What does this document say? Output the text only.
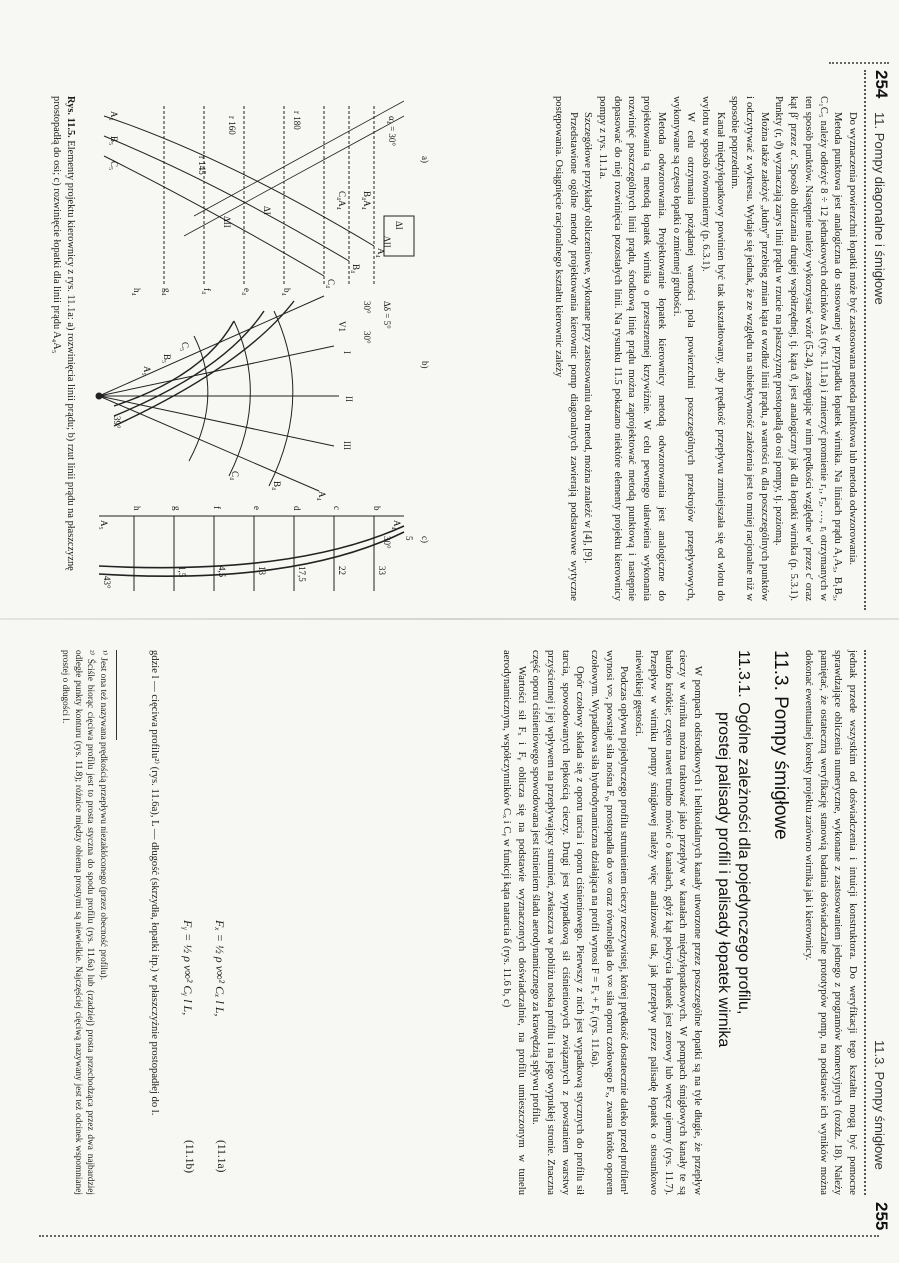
254
11. Pompy diagonalne i śmigłowe

Do wyznaczenia powierzchni łopatki może być zastosowana metoda punktowa lub metoda odwzorowania.

Metoda punktowa jest analogiczna do stosowanej w przypadku łopatek wirnika. Na liniach prądu A₁A₅, B₁B₅, C₁C₅ należy odłożyć 8 ÷ 12 jednakowych odcinków Δs (rys. 11.1a) i zmierzyć promienie r₁, r₂, …, rᵢ otrzymanych w ten sposób punktów. Następnie należy wykorzystać wzór (5.24), zastępując w nim prędkości względne w′ przez c′ oraz kąt β′ przez α′. Sposób obliczania drugiej współrzędnej, tj. kąta ϑ, jest analogiczny jak dla łopatki wirnika (p. 5.3.1). Punkty (r, ϑ) wyznaczają zarys linii prądu w rzucie na płaszczyznę prostopadłą do osi pompy, tj. poziomą.

Można także założyć „łudny” przebieg zmian kąta α wzdłuż linii prądu, a wartości αᵢ dla poszczególnych punktów i odczytywać z wykresu. Wydaje się jednak, że ze względu na subiektywność założenia jest to mniej racjonalne niż w sposobie poprzednim.

Kanał międzyłopatkowy powinien być tak ukształtowany, aby prędkość przepływu zmniejszała się od wlotu do wylotu w sposób równomierny (p. 6.3.1).

W celu otrzymania pożądanej wartości pola powierzchni poszczególnych przekrojów przepływowych, wykonywane są często łopatki o zmiennej grubości.

Metoda odwzorowania. Projektowanie łopatek kierownicy metodą odwzorowania jest analogiczne do projektowania tą metodą łopatek wirnika o przestrzennej krzywiźnie. W celu pewnego ułatwienia wykonania rozwinięć poszczególnych linii prądu, środkową linię prądu można zaprojektować metodą punktową i następnie dopasować do niej rozwinięcia pozostałych linii. Na rysunku 11.5 pokazano niektóre elementy projektu kierownicy pompy z rys. 11.1a.

Szczegółowe przykłady obliczeniowe, wykonane przy zastosowaniu obu metod, można znaleźć w [4], [9].

Przedstawione ogólne metody projektowania kierownic pomp diagonalnych zawierają podstawowe wytyczne postępowania. Osiągnięcie racjonalnego kształtu kierownic zależy

a)
b)
c)
α₄ = 30°
ΔI
ΔII
r 180
r 160
r 145
A₄
B₄
C₄
B₄A₄
C₄A₄
B₅
A₅
C₅
b₄
e₄
f₄
g₄
h₄
ΔI
ΔII
Δδ = 5°
I
II
III
V1
30°
30°
39°
A₄
B₄
C₄
A₅
B₅
C₅
5
33
22
17,5
13
4,5
1,5
30°
43°
A₄
A₅
b
c
d
e
f
g
h
Rys. 11.5. Elementy projektu kierownicy z rys. 11.1a: a) rozwinięcia linii prądu; b) rzut linii prądu na płaszczyznę prostopadłą do osi; c) rozwinięcie łopatki dla linii prądu A₄A₅
11.3. Pompy śmigłowe
255

jednak przede wszystkim od doświadczenia i intuicji konstruktora. Do weryfikacji tego kształtu mogą być pomocne sprawdzające obliczenia numeryczne, wykonane z zastosowaniem jednego z programów komercyjnych (rozdz. 18). Należy pamiętać, że ostateczną weryfikację stanowią badania doświadczalne prototypów pomp, na podstawie ich wyników można dokonać ewentualnej korekty projektu zarówno wirnika jak i kierownicy.

11.3. Pompy śmigłowe
11.3.1. Ogólne zależności dla pojedynczego profilu,
prostej palisady profili i palisady łopatek wirnika

W pompach odśrodkowych i helikoidalnych kanały utworzone przez poszczególne łopatki są na tyle długie, że przepływ cieczy w wirniku można traktować jako przepływ w kanałach międzyłopatkowych. W pompach śmigłowych kanały te są bardzo krótkie; często nawet trudno mówić o kanałach, gdyż kąt pokrycia łopatek jest zerowy lub wręcz ujemny (rys. 11.7). Przepływ w wirniku pompy śmigłowej należy więc analizować tak, jak przepływ przez palisadę łopatek o stosunkowo niewielkiej gęstości.

Podczas opływu pojedynczego profilu strumieniem cieczy rzeczywistej, której prędkość dostatecznie daleko przed profilem¹ wynosi v∞, powstaje siła nośna Fᵧ, prostopadła do v∞ oraz równoległa do v∞ siła oporu czołowego Fₓ, zwana krótko oporem czołowym. Wypadkowa siła hydrodynamiczna działająca na profil wynosi F = Fₓ + Fᵧ (rys. 11.6a).

Opór czołowy składa się z oporu tarcia i oporu ciśnieniowego. Pierwszy z nich jest wypadkową stycznych do profilu sił tarcia, spowodowanych lepkością cieczy. Drugi jest wypadkową sił ciśnieniowych związanych z powstaniem warstwy przyściennej i jej wpływem na przepływający strumień, zwłaszcza w pobliżu noska profilu i na jego wypukłej stronie. Znaczna część oporu ciśnieniowego spowodowana jest istnieniem śladu aerodynamicznego za krawędzią spływu profilu.

Wartości sił Fₓ i Fᵧ oblicza się na podstawie wyznaczonych doświadczalnie, na profilu umieszczonym w tunelu aerodynamicznym, współczynników Cₓ i Cᵧ w funkcji kąta natarcia δ (rys. 11.6 b, c)

Fₓ = ½ ρ v∞² Cₓ l L,
(11.1a)
Fᵧ = ½ ρ v∞² Cᵧ l L,
(11.1b)

gdzie l — cięciwa profilu²⁾ (rys. 11.6a), L — długość (skrzydła, łopatki itp.) w płaszczyźnie prostopadłej do l.

¹⁾ Jest ona też nazywana prędkością przepływu niezakłóconego (przez obecność profilu).
²⁾ Ściśle biorąc cięciwa profilu jest to prosta styczna do spodu profilu (rys. 11.6a) lub (rzadziej) prosta przechodząca przez dwa najbardziej odległe punkty konturu (rys. 11.8); różnice między obiema prostymi są niewielkie. Najczęściej cięciwą nazywany jest też odcinek wspomnianej prostej o długości l.
